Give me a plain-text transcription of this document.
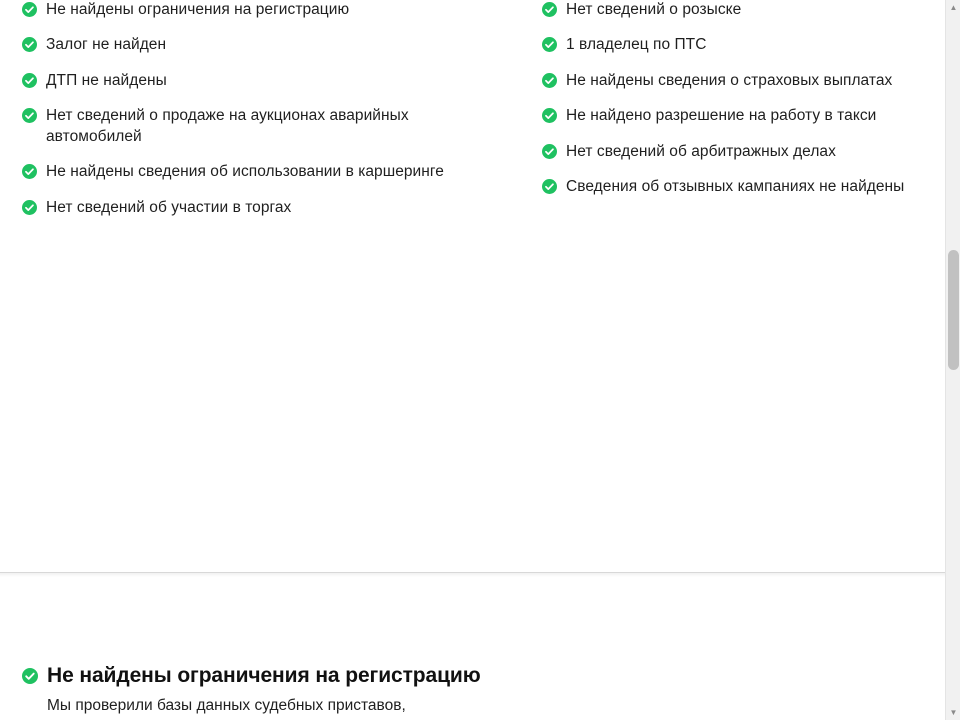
Не найдены ограничения на регистрацию
Залог не найден
ДТП не найдены
Нет сведений о продаже на аукционах аварийных автомобилей
Не найдены сведения об использовании в каршеринге
Нет сведений об участии в торгах
Нет сведений о розыске
1 владелец по ПТС
Не найдены сведения о страховых выплатах
Не найдено разрешение на работу в такси
Нет сведений об арбитражных делах
Сведения об отзывных кампаниях не найдены
Не найдены ограничения на регистрацию
Мы проверили базы данных судебных приставов,
▲
▼
